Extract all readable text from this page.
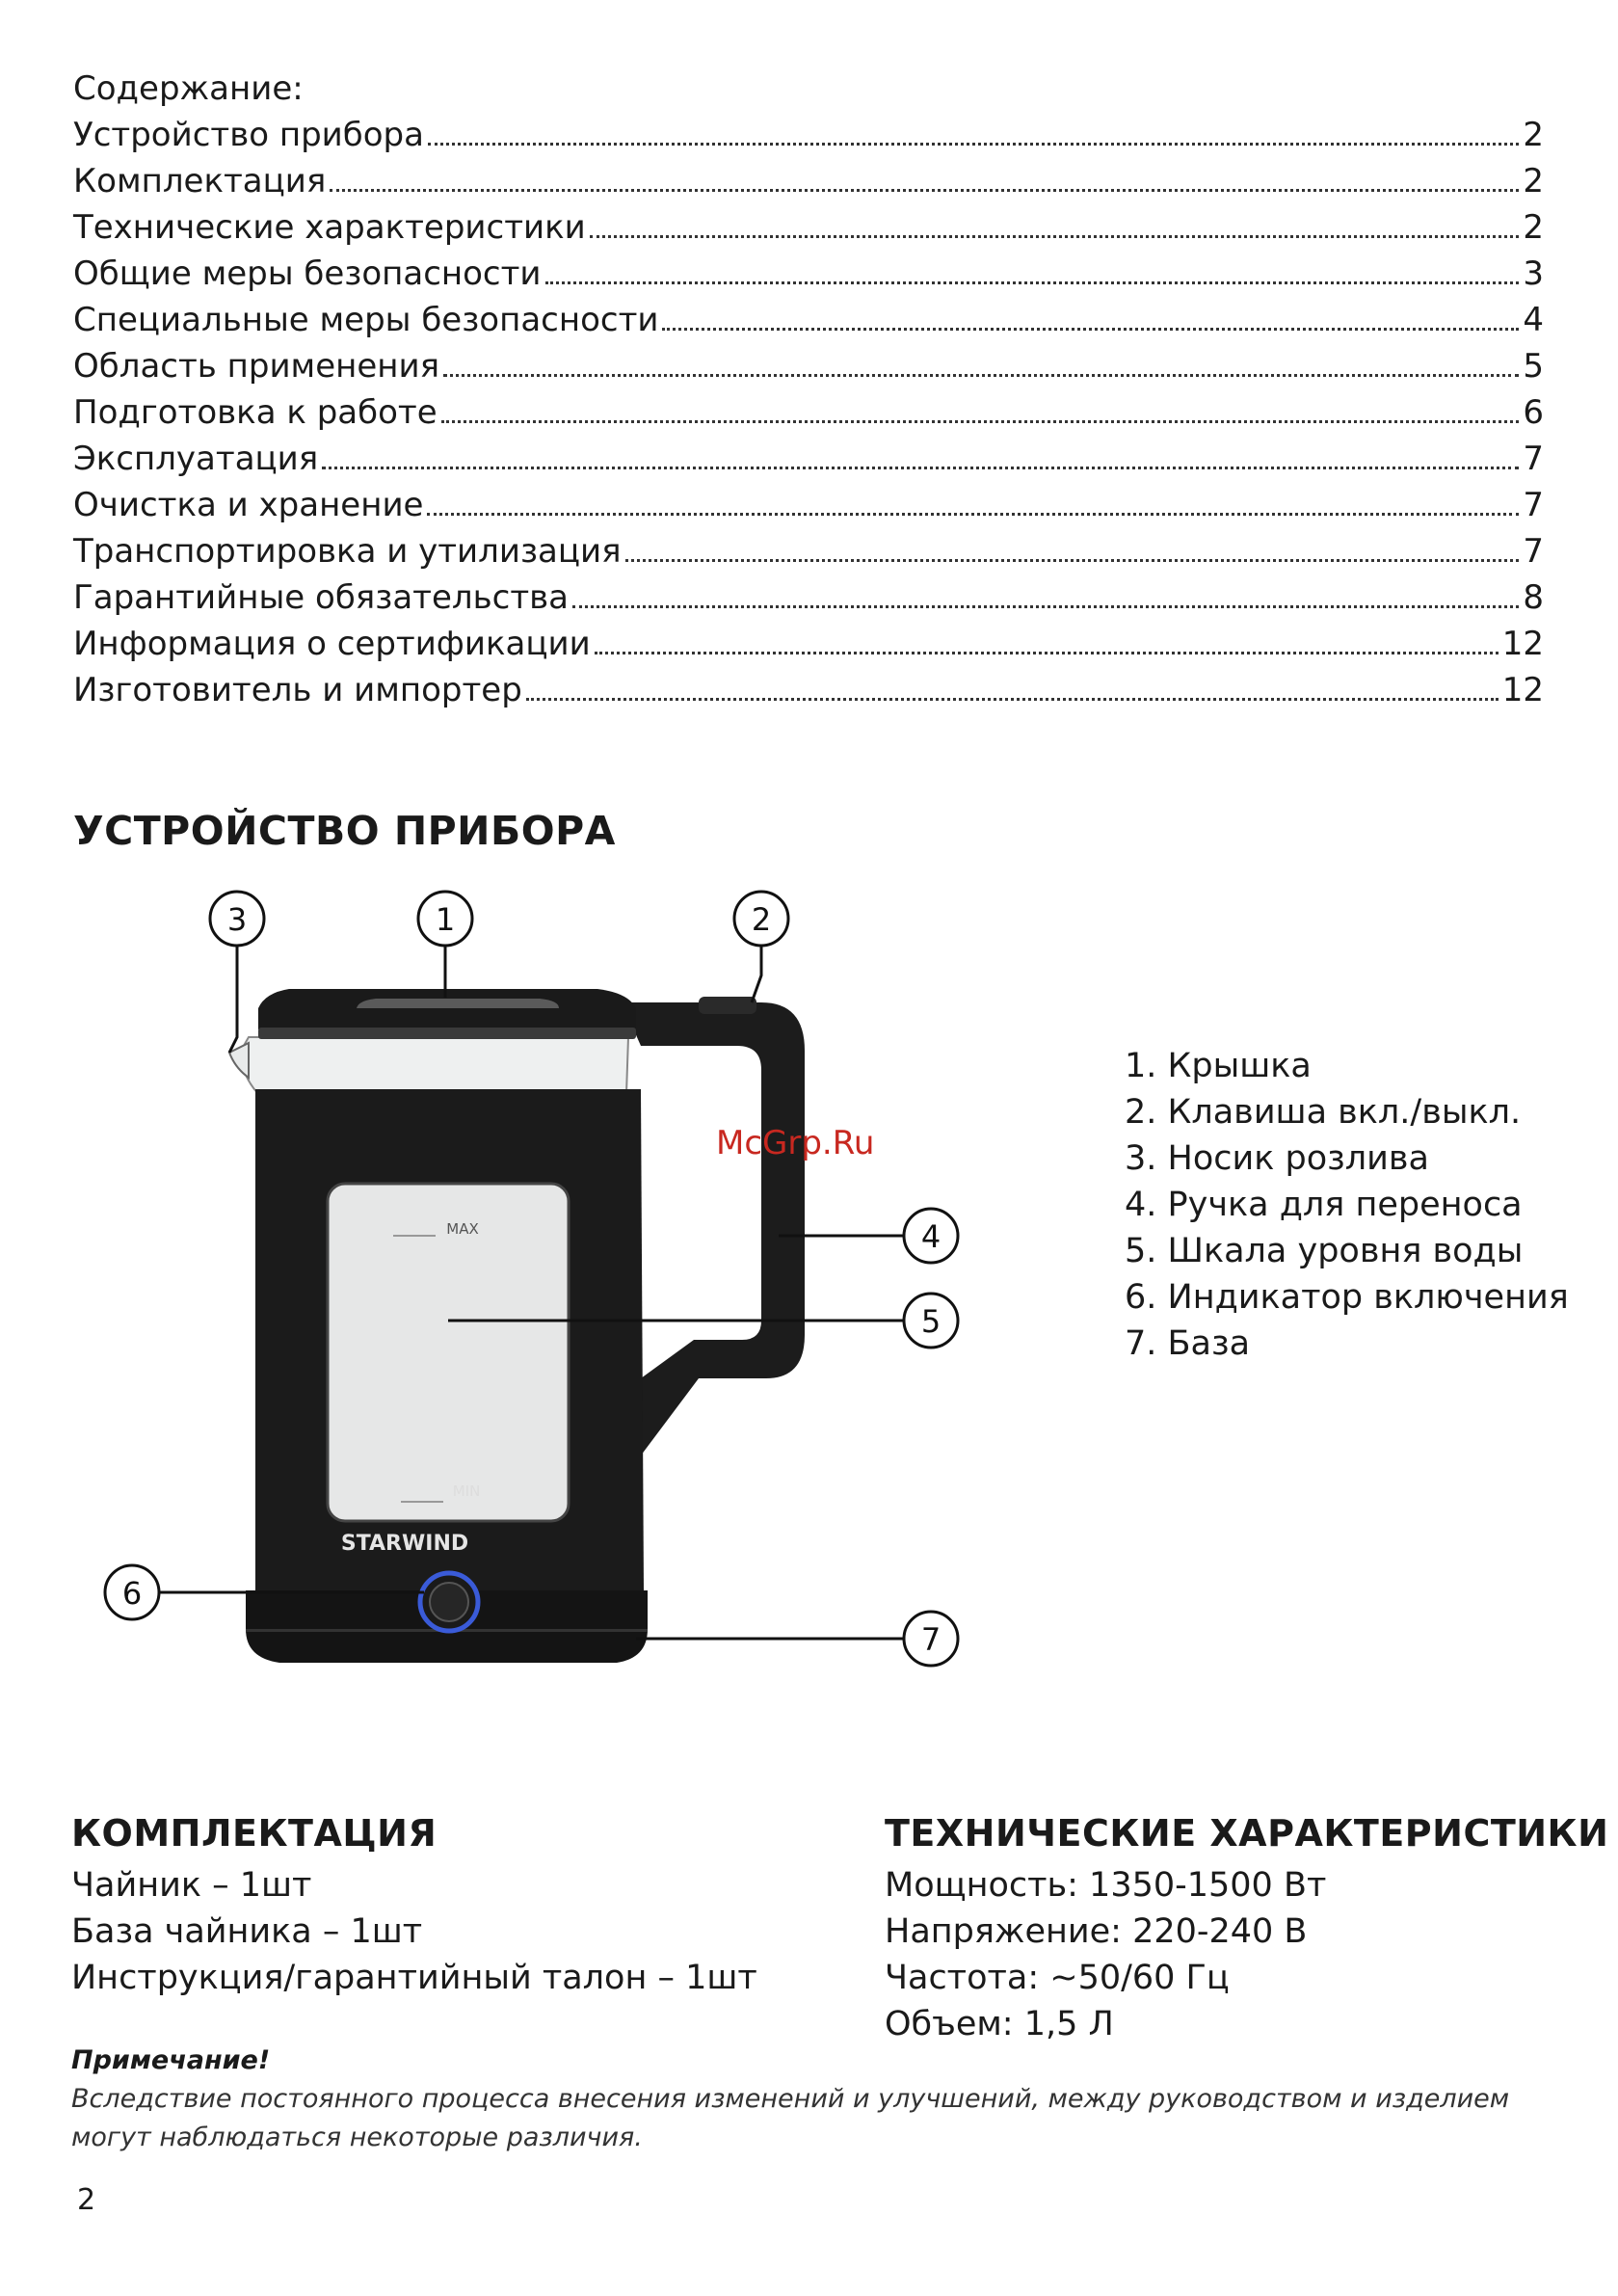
Содержание:
Устройство прибора	2
Комплектация	2
Технические характеристики	2
Общие меры безопасности	3
Специальные меры безопасности	4
Область применения	5
Подготовка к работе	6
Эксплуатация	7
Очистка и хранение	7
Транспортировка и утилизация	7
Гарантийные обязательства	8
Информация о сертификации	12
Изготовитель и импортер	12
УСТРОЙСТВО ПРИБОРА
MAX
MIN
STARWIND
1	2
3
4
5
6
7
McGrp.Ru
1. Крышка
2. Клавиша вкл./выкл.
3. Носик розлива
4. Ручка для переноса
5. Шкала уровня воды
6. Индикатор включения
7. База
КОМПЛЕКТАЦИЯ
Чайник – 1шт
База чайника – 1шт
Инструкция/гарантийный талон – 1шт
ТЕХНИЧЕСКИЕ ХАРАКТЕРИСТИКИ
Мощность: 1350-1500 Вт
Напряжение: 220-240 В
Частота: ~50/60 Гц
Объем: 1,5 Л
Примечание!
Вследствие постоянного процесса внесения изменений и улучшений, между руководством и изделием
могут наблюдаться некоторые различия.
2
